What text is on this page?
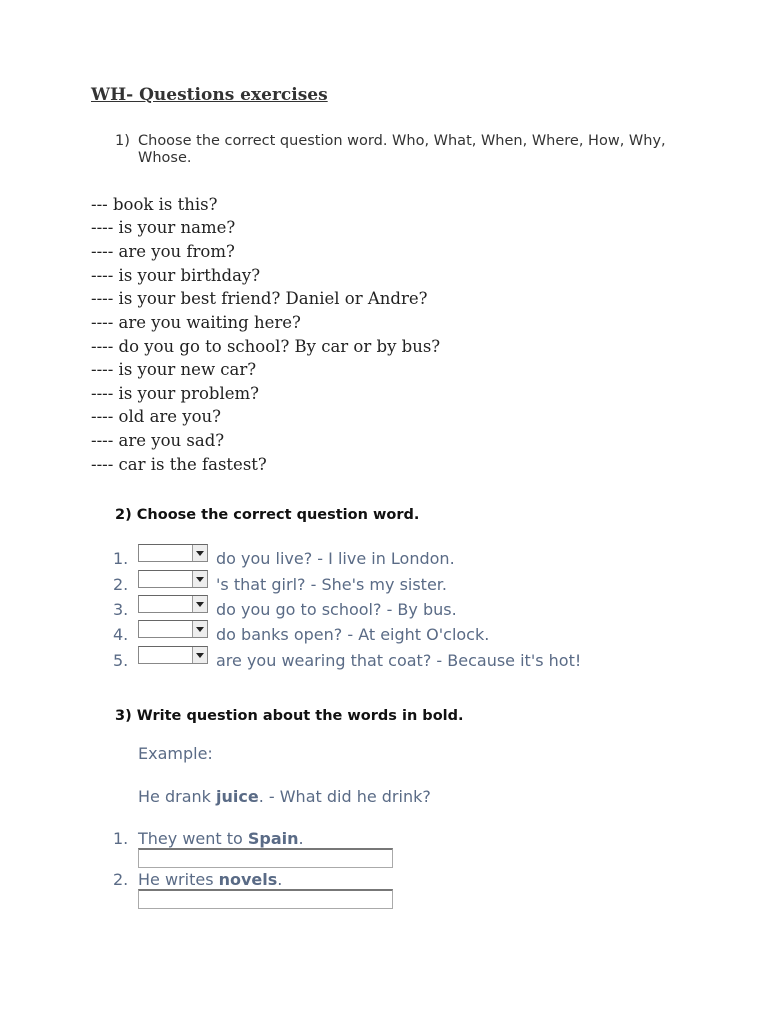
WH- Questions exercises
1) Choose the correct question word. Who, What, When, Where, How, Why, Whose.
--- book is this?
---- is your name?
---- are you from?
---- is your birthday?
---- is your best friend? Daniel or Andre?
---- are you waiting here?
---- do you go to school? By car or by bus?
---- is your new car?
---- is your problem?
---- old are you?
---- are you sad?
---- car is the fastest?
2) Choose the correct question word.
1.	do you live? - I live in London.
2.	's that girl? - She's my sister.
3.	do you go to school? - By bus.
4.	do banks open? - At eight O'clock.
5.	are you wearing that coat? - Because it's hot!
3) Write question about the words in bold.
Example:
He drank juice. - What did he drink?
1. They went to Spain.
2. He writes novels.
